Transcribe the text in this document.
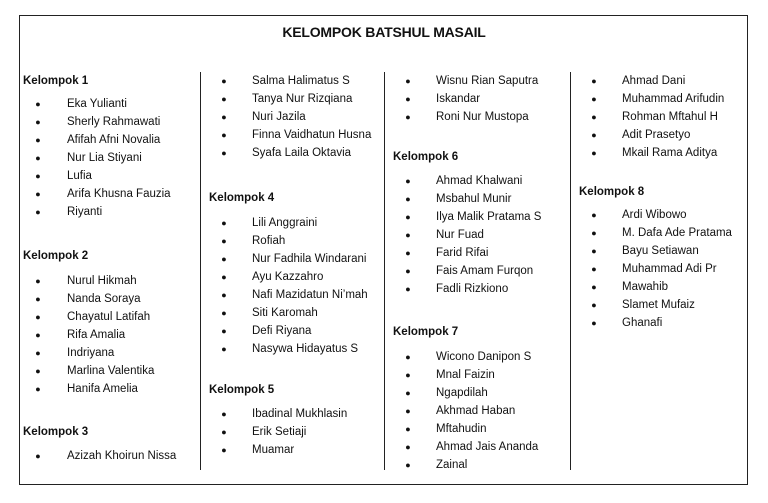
KELOMPOK BATSHUL MASAIL
Kelompok 1
● Eka Yulianti
● Sherly Rahmawati
● Afifah Afni Novalia
● Nur Lia Stiyani
● Lufia
● Arifa Khusna Fauzia
● Riyanti
Kelompok 2
● Nurul Hikmah
● Nanda Soraya
● Chayatul Latifah
● Rifa Amalia
● Indriyana
● Marlina Valentika
● Hanifa Amelia
Kelompok 3
● Azizah Khoirun Nissa
● Salma Halimatus S
● Tanya Nur Rizqiana
● Nuri Jazila
● Finna Vaidhatun Husna
● Syafa Laila Oktavia
Kelompok 4
● Lili Anggraini
● Rofiah
● Nur Fadhila Windarani
● Ayu Kazzahro
● Nafi Mazidatun Ni’mah
● Siti Karomah
● Defi Riyana
● Nasywa Hidayatus S
Kelompok 5
● Ibadinal Mukhlasin
● Erik Setiaji
● Muamar
● Wisnu Rian Saputra
● Iskandar
● Roni Nur Mustopa
Kelompok 6
● Ahmad Khalwani
● Msbahul Munir
● Ilya Malik Pratama S
● Nur Fuad
● Farid Rifai
● Fais Amam Furqon
● Fadli Rizkiono
Kelompok 7
● Wicono Danipon S
● Mnal Faizin
● Ngapdilah
● Akhmad Haban
● Mftahudin
● Ahmad Jais Ananda
● Zainal
● Ahmad Dani
● Muhammad Arifudin
● Rohman Mftahul H
● Adit Prasetyo
● Mkail Rama Aditya
Kelompok 8
● Ardi Wibowo
● M. Dafa Ade Pratama
● Bayu Setiawan
● Muhammad Adi Pr
● Mawahib
● Slamet Mufaiz
● Ghanafi
